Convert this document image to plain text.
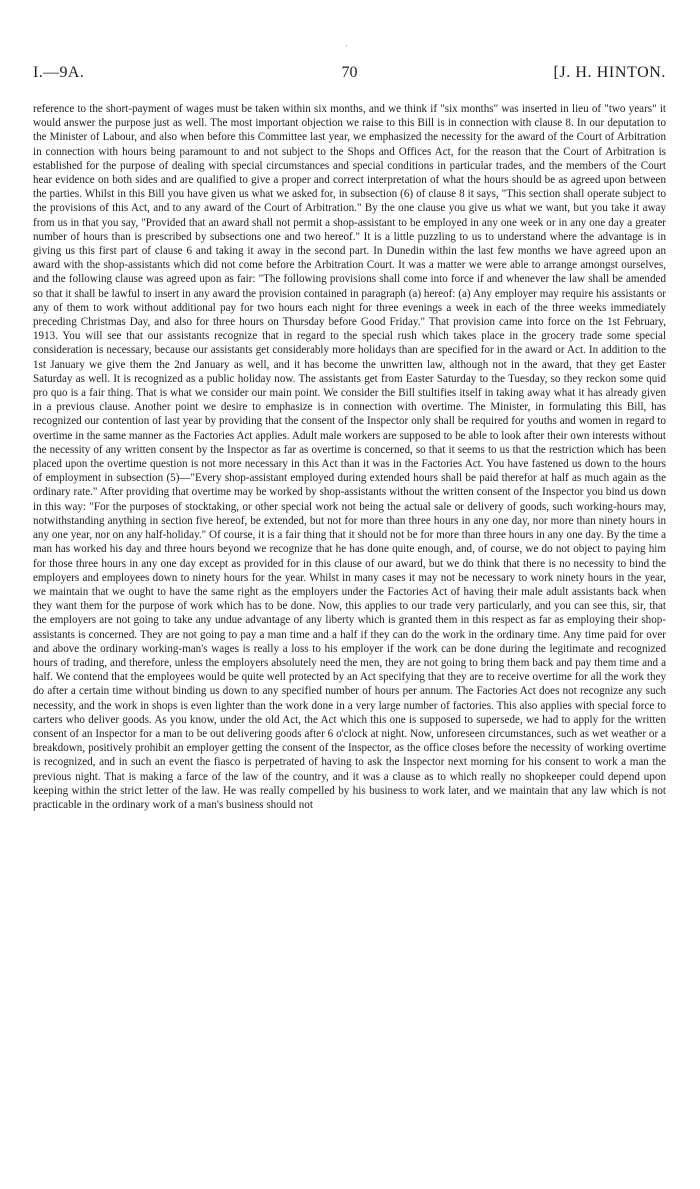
'
I.—9A.	70	[J. H. HINTON.

reference to the short-payment of wages must be taken within six months, and we think if "six months" was inserted in lieu of "two years" it would answer the purpose just as well. The most important objection we raise to this Bill is in connection with clause 8. In our deputation to the Minister of Labour, and also when before this Committee last year, we emphasized the necessity for the award of the Court of Arbitration in connection with hours being paramount to and not subject to the Shops and Offices Act, for the reason that the Court of Arbitration is established for the purpose of dealing with special circumstances and special conditions in particular trades, and the members of the Court hear evidence on both sides and are qualified to give a proper and correct interpretation of what the hours should be as agreed upon between the parties. Whilst in this Bill you have given us what we asked for, in subsection (6) of clause 8 it says, "This section shall operate subject to the provisions of this Act, and to any award of the Court of Arbitration." By the one clause you give us what we want, but you take it away from us in that you say, "Provided that an award shall not permit a shop-assistant to be employed in any one week or in any one day a greater number of hours than is prescribed by subsections one and two hereof." It is a little puzzling to us to understand where the advantage is in giving us this first part of clause 6 and taking it away in the second part. In Dunedin within the last few months we have agreed upon an award with the shop-assistants which did not come before the Arbitration Court. It was a matter we were able to arrange amongst ourselves, and the following clause was agreed upon as fair: "The following provisions shall come into force if and whenever the law shall be amended so that it shall be lawful to insert in any award the provision contained in paragraph (a) hereof: (a) Any employer may require his assistants or any of them to work without additional pay for two hours each night for three evenings a week in each of the three weeks immediately preceding Christmas Day, and also for three hours on Thursday before Good Friday." That provision came into force on the 1st February, 1913. You will see that our assistants recognize that in regard to the special rush which takes place in the grocery trade some special consideration is necessary, because our assistants get considerably more holidays than are specified for in the award or Act. In addition to the 1st January we give them the 2nd January as well, and it has become the unwritten law, although not in the award, that they get Easter Saturday as well. It is recognized as a public holiday now. The assistants get from Easter Saturday to the Tuesday, so they reckon some quid pro quo is a fair thing. That is what we consider our main point. We consider the Bill stultifies itself in taking away what it has already given in a previous clause. Another point we desire to emphasize is in connection with overtime. The Minister, in formulating this Bill, has recognized our contention of last year by providing that the consent of the Inspector only shall be required for youths and women in regard to overtime in the same manner as the Factories Act applies. Adult male workers are supposed to be able to look after their own interests without the necessity of any written consent by the Inspector as far as overtime is concerned, so that it seems to us that the restriction which has been placed upon the overtime question is not more necessary in this Act than it was in the Factories Act. You have fastened us down to the hours of employment in subsection (5)—"Every shop-assistant employed during extended hours shall be paid therefor at half as much again as the ordinary rate." After providing that overtime may be worked by shop-assistants without the written consent of the Inspector you bind us down in this way: "For the purposes of stocktaking, or other special work not being the actual sale or delivery of goods, such working-hours may, notwithstanding anything in section five hereof, be extended, but not for more than three hours in any one day, nor more than ninety hours in any one year, nor on any half-holiday." Of course, it is a fair thing that it should not be for more than three hours in any one day. By the time a man has worked his day and three hours beyond we recognize that he has done quite enough, and, of course, we do not object to paying him for those three hours in any one day except as provided for in this clause of our award, but we do think that there is no necessity to bind the employers and employees down to ninety hours for the year. Whilst in many cases it may not be necessary to work ninety hours in the year, we maintain that we ought to have the same right as the employers under the Factories Act of having their male adult assistants back when they want them for the purpose of work which has to be done. Now, this applies to our trade very particularly, and you can see this, sir, that the employers are not going to take any undue advantage of any liberty which is granted them in this respect as far as employing their shop-assistants is concerned. They are not going to pay a man time and a half if they can do the work in the ordinary time. Any time paid for over and above the ordinary working-man's wages is really a loss to his employer if the work can be done during the legitimate and recognized hours of trading, and therefore, unless the employers absolutely need the men, they are not going to bring them back and pay them time and a half. We contend that the employees would be quite well protected by an Act specifying that they are to receive overtime for all the work they do after a certain time without binding us down to any specified number of hours per annum. The Factories Act does not recognize any such necessity, and the work in shops is even lighter than the work done in a very large number of factories. This also applies with special force to carters who deliver goods. As you know, under the old Act, the Act which this one is supposed to supersede, we had to apply for the written consent of an Inspector for a man to be out delivering goods after 6 o'clock at night. Now, unforeseen circumstances, such as wet weather or a breakdown, positively prohibit an employer getting the consent of the Inspector, as the office closes before the necessity of working overtime is recognized, and in such an event the fiasco is perpetrated of having to ask the Inspector next morning for his consent to work a man the previous night. That is making a farce of the law of the country, and it was a clause as to which really no shopkeeper could depend upon keeping within the strict letter of the law. He was really compelled by his business to work later, and we maintain that any law which is not practicable in the ordinary work of a man's business should not
